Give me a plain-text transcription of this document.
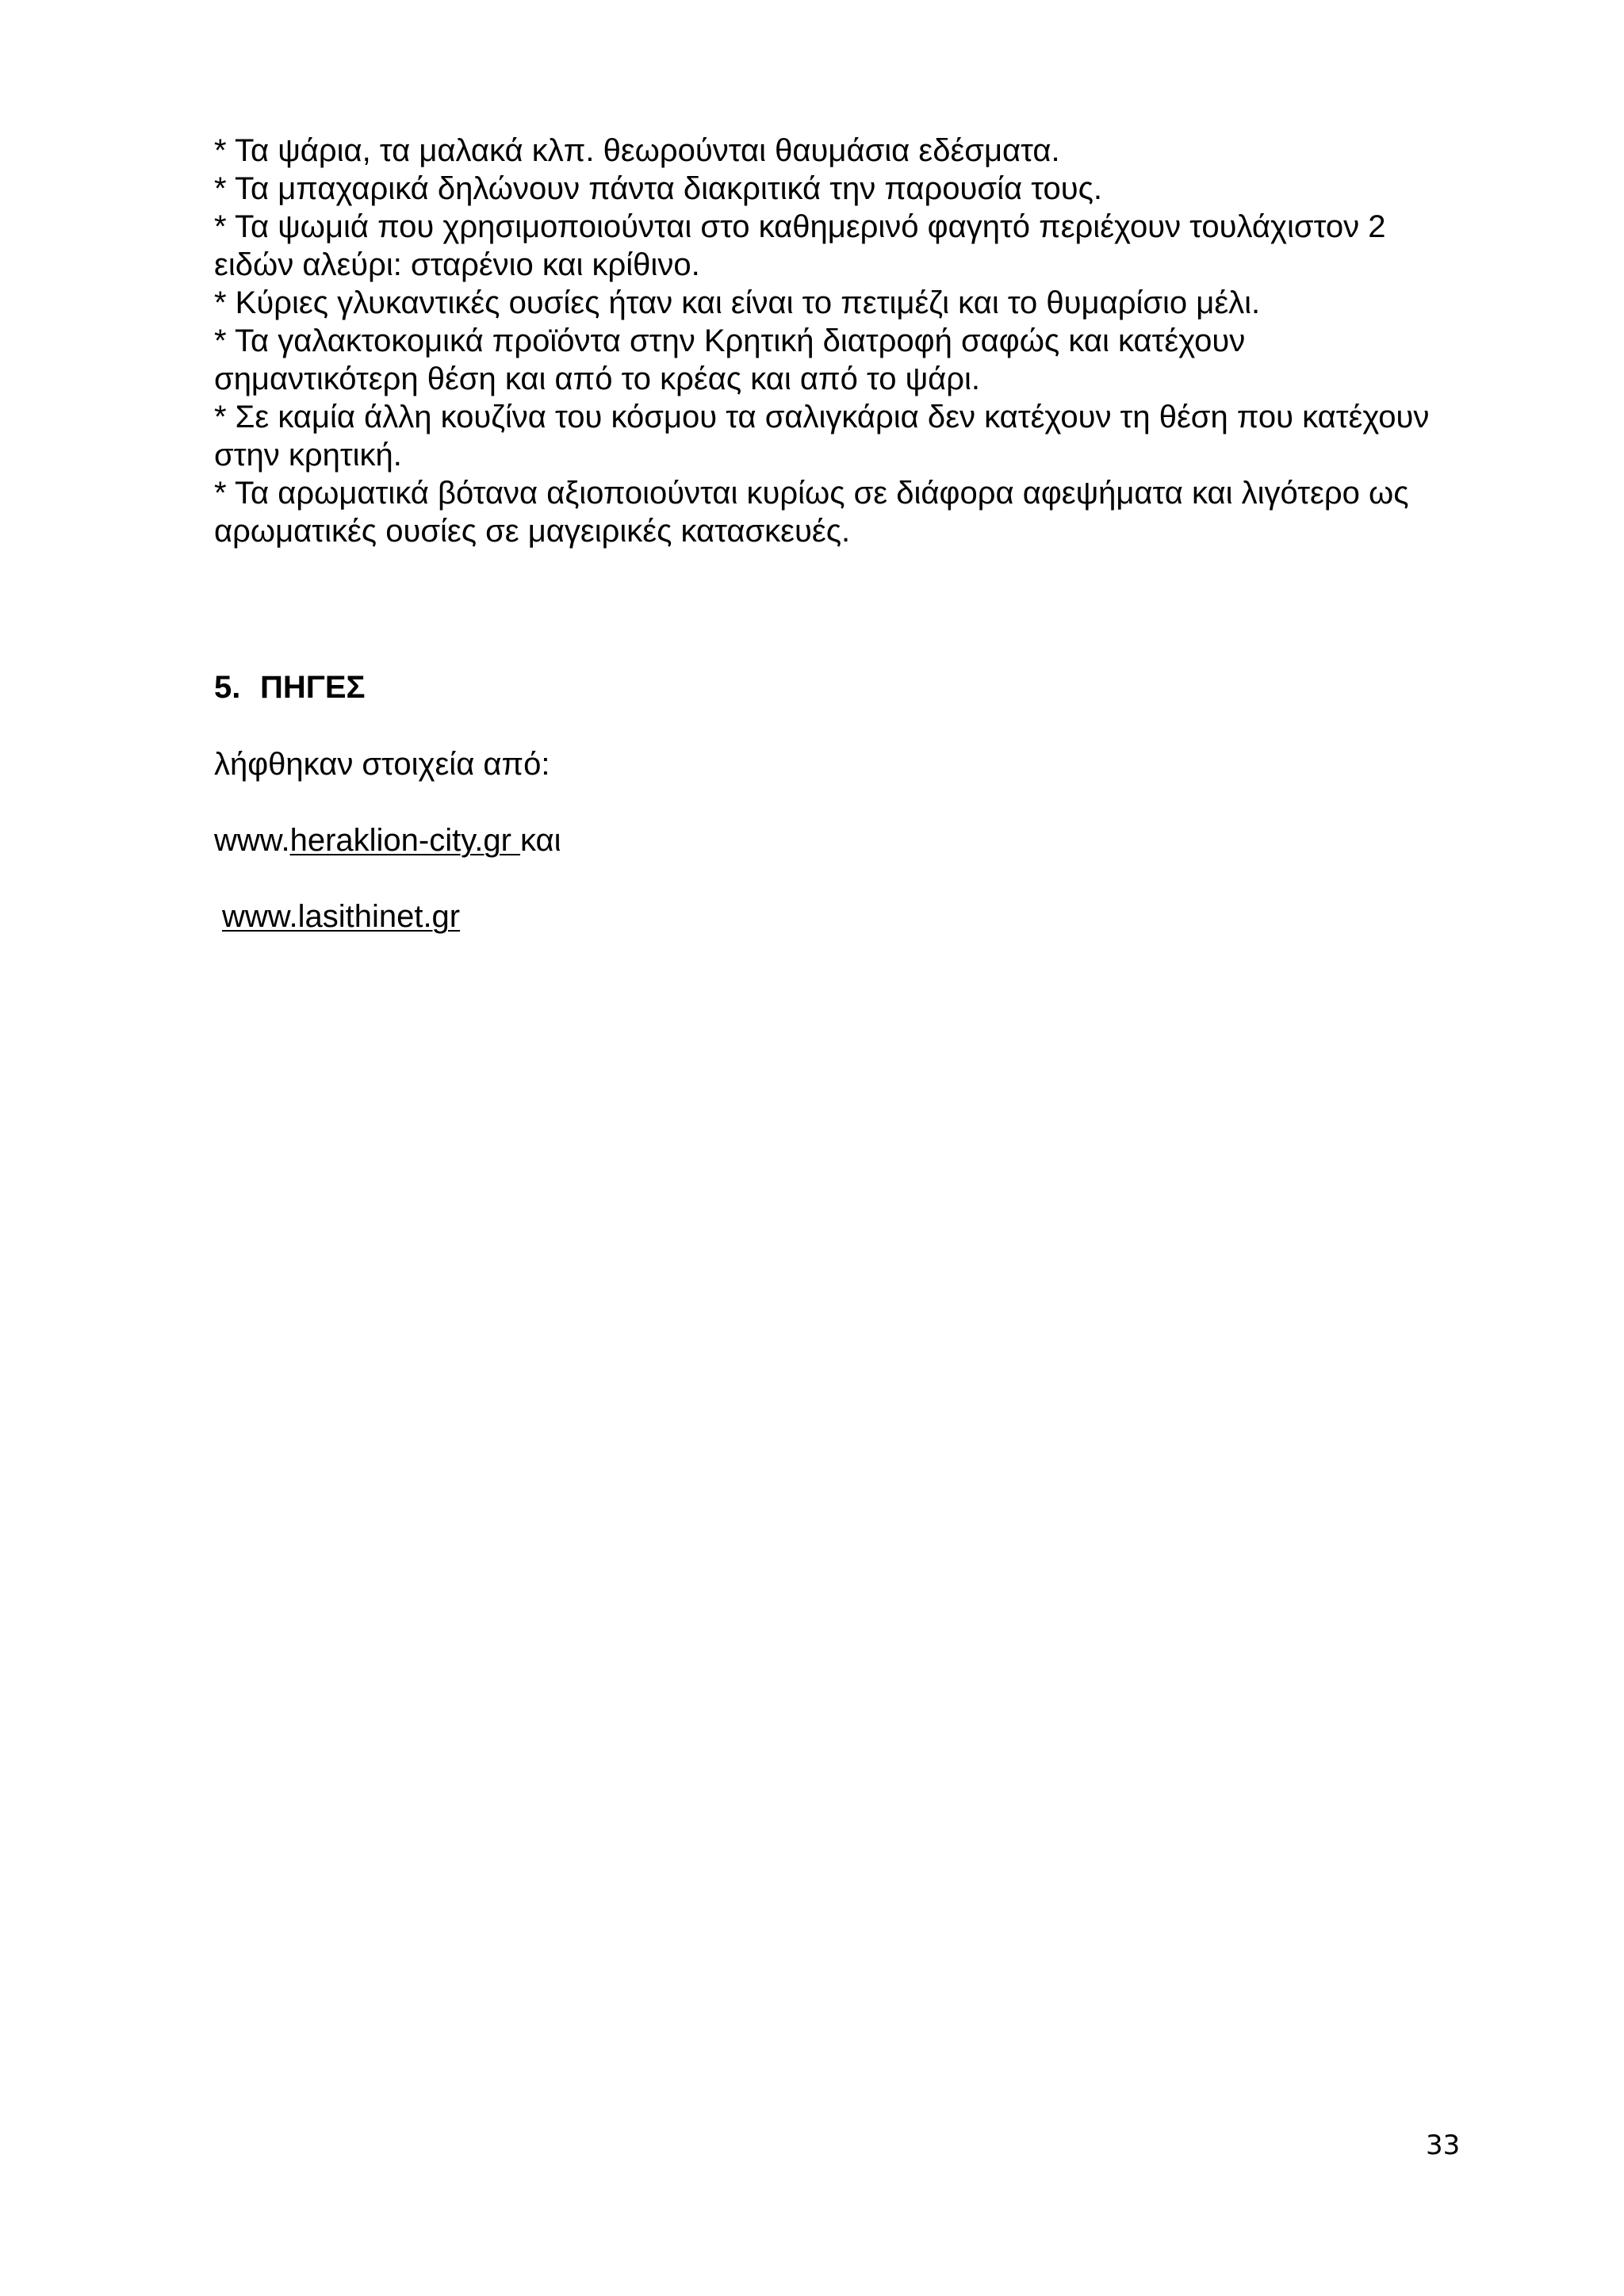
* Τα ψάρια, τα μαλακά κλπ. θεωρούνται θαυμάσια εδέσματα.

* Τα μπαχαρικά δηλώνουν πάντα διακριτικά την παρουσία τους.

* Τα ψωμιά που χρησιμοποιούνται στο καθημερινό φαγητό περιέχουν τουλάχιστον 2 ειδών αλεύρι: σταρένιο και κρίθινο.

* Κύριες γλυκαντικές ουσίες ήταν και είναι το πετιμέζι και το θυμαρίσιο μέλι.

* Τα γαλακτοκομικά προϊόντα στην Κρητική διατροφή σαφώς και κατέχουν σημαντικότερη θέση και από το κρέας και από το ψάρι.

* Σε καμία άλλη κουζίνα του κόσμου τα σαλιγκάρια δεν κατέχουν τη θέση που κατέχουν στην κρητική.

* Τα αρωματικά βότανα αξιοποιούνται κυρίως σε διάφορα αφεψήματα και λιγότερο ως αρωματικές ουσίες σε μαγειρικές κατασκευές.

5. ΠΗΓΕΣ
λήφθηκαν στοιχεία από:
www.heraklion-city.gr και
www.lasithinet.gr
33
